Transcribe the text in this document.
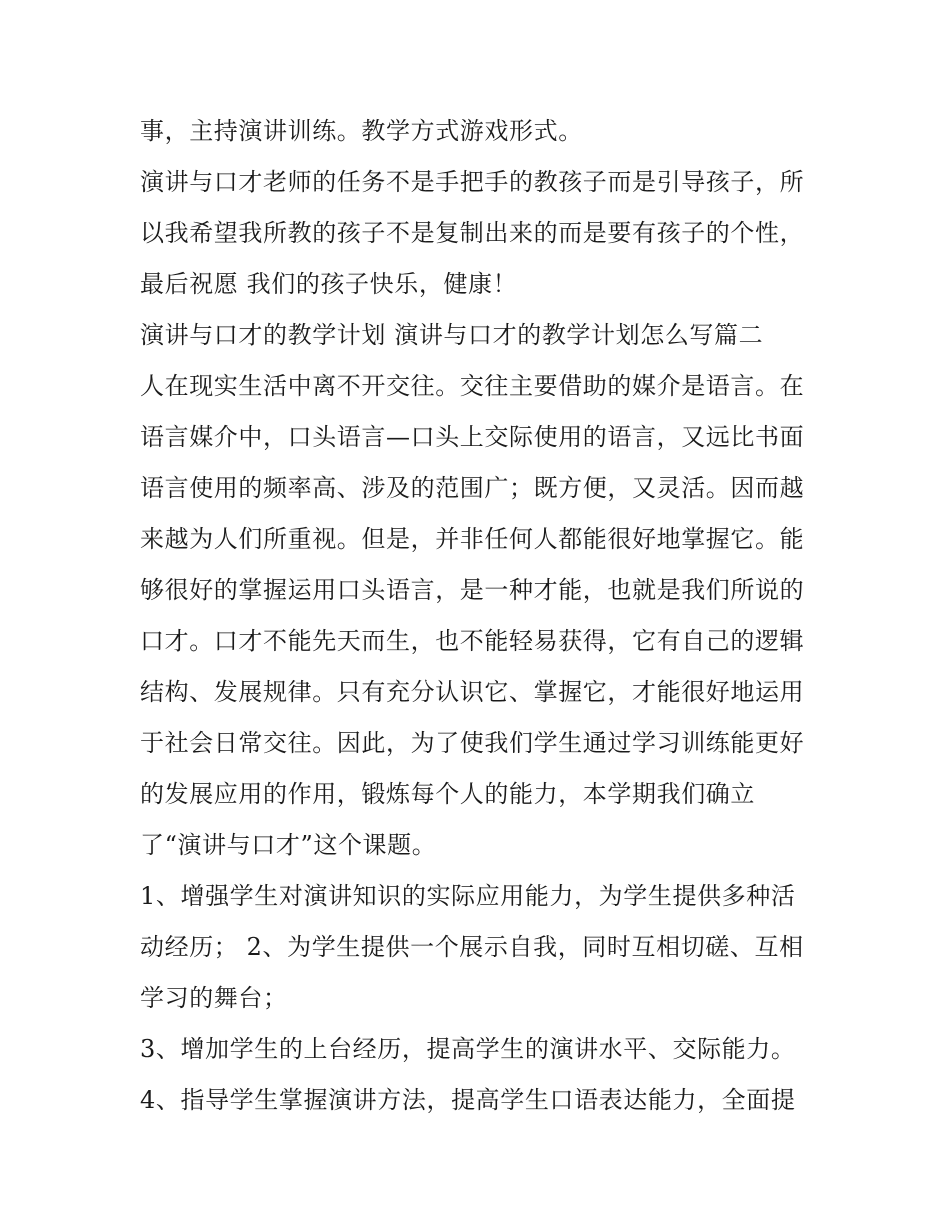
事，主持演讲训练。教学方式游戏形式。

演讲与口才老师的任务不是手把手的教孩子而是引导孩子，所

以我希望我所教的孩子不是复制出来的而是要有孩子的个性，

最后祝愿 我们的孩子快乐，健康！

演讲与口才的教学计划 演讲与口才的教学计划怎么写篇二

人在现实生活中离不开交往。交往主要借助的媒介是语言。在

语言媒介中，口头语言—口头上交际使用的语言，又远比书面

语言使用的频率高、涉及的范围广；既方便，又灵活。因而越

来越为人们所重视。但是，并非任何人都能很好地掌握它。能

够很好的掌握运用口头语言，是一种才能，也就是我们所说的

口才。口才不能先天而生，也不能轻易获得，它有自己的逻辑

结构、发展规律。只有充分认识它、掌握它，才能很好地运用

于社会日常交往。因此，为了使我们学生通过学习训练能更好

的发展应用的作用，锻炼每个人的能力，本学期我们确立

了“演讲与口才”这个课题。

1、增强学生对演讲知识的实际应用能力，为学生提供多种活

动经历； 2、为学生提供一个展示自我，同时互相切磋、互相

学习的舞台；

3、增加学生的上台经历，提高学生的演讲水平、交际能力。

4、指导学生掌握演讲方法，提高学生口语表达能力，全面提
